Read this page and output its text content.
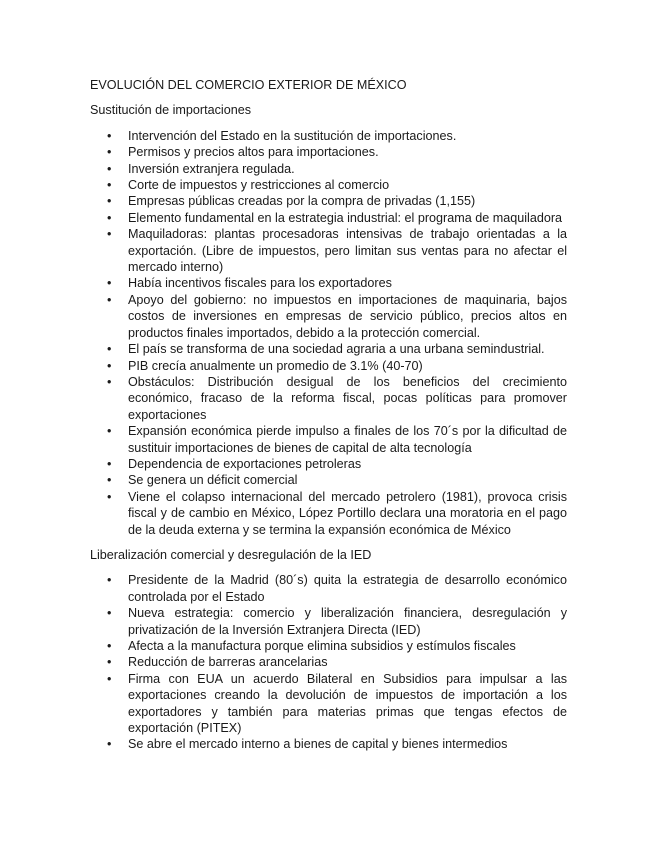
EVOLUCIÓN DEL COMERCIO EXTERIOR DE MÉXICO
Sustitución de importaciones
• Intervención del Estado en la sustitución de importaciones.
• Permisos y precios altos para importaciones.
• Inversión extranjera regulada.
• Corte de impuestos y restricciones al comercio
• Empresas públicas creadas por la compra de privadas (1,155)
• Elemento fundamental en la estrategia industrial: el programa de maquiladora
• Maquiladoras: plantas procesadoras intensivas de trabajo orientadas a la exportación. (Libre de impuestos, pero limitan sus ventas para no afectar el mercado interno)
• Había incentivos fiscales para los exportadores
• Apoyo del gobierno: no impuestos en importaciones de maquinaria, bajos costos de inversiones en empresas de servicio público, precios altos en productos finales importados, debido a la protección comercial.
• El país se transforma de una sociedad agraria a una urbana semindustrial.
• PIB crecía anualmente un promedio de 3.1% (40-70)
• Obstáculos: Distribución desigual de los beneficios del crecimiento económico, fracaso de la reforma fiscal, pocas políticas para promover exportaciones
• Expansión económica pierde impulso a finales de los 70´s por la dificultad de sustituir importaciones de bienes de capital de alta tecnología
• Dependencia de exportaciones petroleras
• Se genera un déficit comercial
• Viene el colapso internacional del mercado petrolero (1981), provoca crisis fiscal y de cambio en México, López Portillo declara una moratoria en el pago de la deuda externa y se termina la expansión económica de México
Liberalización comercial y desregulación de la IED
• Presidente de la Madrid (80´s) quita la estrategia de desarrollo económico controlada por el Estado
• Nueva estrategia: comercio y liberalización financiera, desregulación y privatización de la Inversión Extranjera Directa (IED)
• Afecta a la manufactura porque elimina subsidios y estímulos fiscales
• Reducción de barreras arancelarias
• Firma con EUA un acuerdo Bilateral en Subsidios para impulsar a las exportaciones creando la devolución de impuestos de importación a los exportadores y también para materias primas que tengas efectos de exportación (PITEX)
• Se abre el mercado interno a bienes de capital y bienes intermedios
